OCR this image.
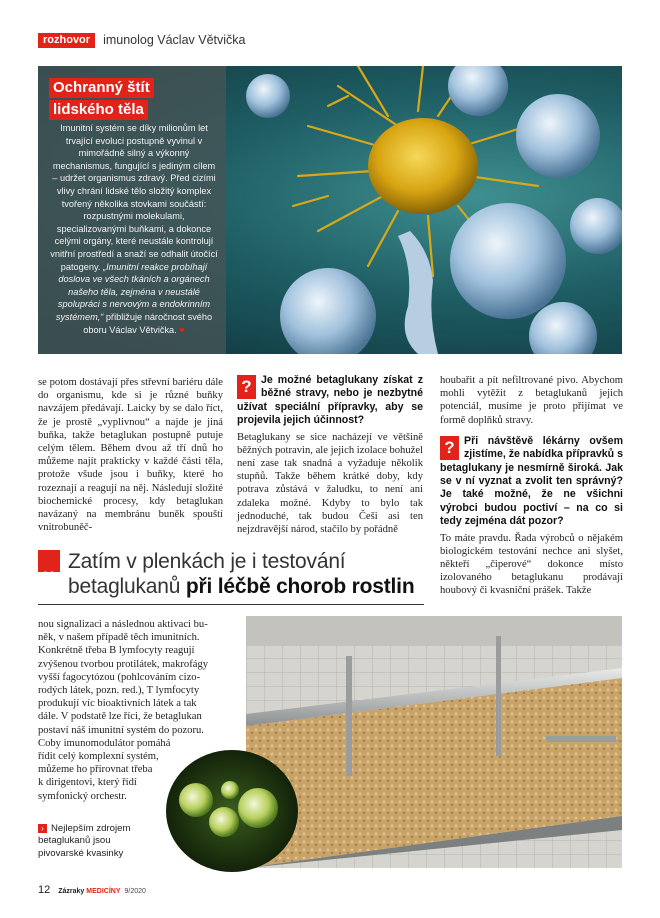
rozhovor	imunolog Václav Větvička
Ochranný štít
lidského těla
Imunitní systém se díky milionům let trvající evoluci postupně vyvinul v mimořádně silný a výkonný mechanismus, fungující s jediným cílem – udržet organismus zdravý. Před cizími vlivy chrání lidské tělo složitý komplex tvořený několika stovkami součástí: rozpustnými molekulami, specializovanými buňkami, a dokonce celými orgány, které neustále kontrolují vnitřní prostředí a snaží se odhalit útočící patogeny. „Imunitní reakce probíhají doslova ve všech tkáních a orgánech našeho těla, zejména v neustálé spolupráci s nervovým a endokrinním systémem,“ přibližuje náročnost svého oboru Václav Větvička. ♥

se potom dostávají přes střevní bariéru dále do organismu, kde si je různé buňky navzájem předávají. Laicky by se dalo říct, že je prostě „vyplivnou“ a najde je jiná buňka, takže betaglukan postupně putuje celým tělem. Během dvou až tří dnů ho můžeme najít prakticky v každé části těla, protože všude jsou i buňky, které ho rozeznají a reagují na něj. Následují složité biochemické procesy, kdy betaglukan navázaný na membránu buněk spouští vnitrobuněč-

? Je možné betaglukany získat z běžné stravy, nebo je nezbytné užívat speciální přípravky, aby se projevila jejich účinnost?

Betaglukany se sice nacházejí ve většině běžných potravin, ale jejich izolace bohužel není zase tak snadná a vyžaduje několik stupňů. Takže během krátké doby, kdy potrava zůstává v žaludku, to není ani zdaleka možné. Kdyby to bylo tak jednoduché, tak budou Češi asi ten nejzdravější národ, stačilo by pořádně

houbařit a pít nefiltrované pivo. Abychom mohli vytěžit z betaglukanů jejich potenciál, musíme je proto přijímat ve formě doplňků stravy.

? Při návštěvě lékárny ovšem zjistíme, že nabídka přípravků s betaglukany je nesmírně široká. Jak se v ní vyznat a zvolit ten správný? Je také možné, že ne všichni výrobci budou poctiví – na co si tedy zejména dát pozor?

To máte pravdu. Řada výrobců o nějakém biologickém testování nechce ani slyšet, někteří „čiperové“ dokonce místo izolovaného betaglukanu prodávají houbový či kvasniční prášek. Takže

„ Zatím v plenkách je i testování betaglukanů při léčbě chorob rostlin
nou signalizaci a následnou aktivaci bu-
něk, v našem případě těch imunitních.
Konkrétně třeba B lymfocyty reagují
zvýšenou tvorbou protilátek, makrofágy
vyšší fagocytózou (pohlcováním cizo-
rodých látek, pozn. red.), T lymfocyty
produkují víc bioaktivních látek a tak
dále. V podstatě lze říci, že betaglukan
postaví náš imunitní systém do pozoru.
Coby imunomodulátor pomáhá
řídit celý komplexní systém,
můžeme ho přirovnat třeba
k dirigentovi, který řídí
symfonický orchestr.
› Nejlepším zdrojem betaglukanů jsou pivovarské kvasinky
12 Zázraky MEDICÍNY 9/2020
